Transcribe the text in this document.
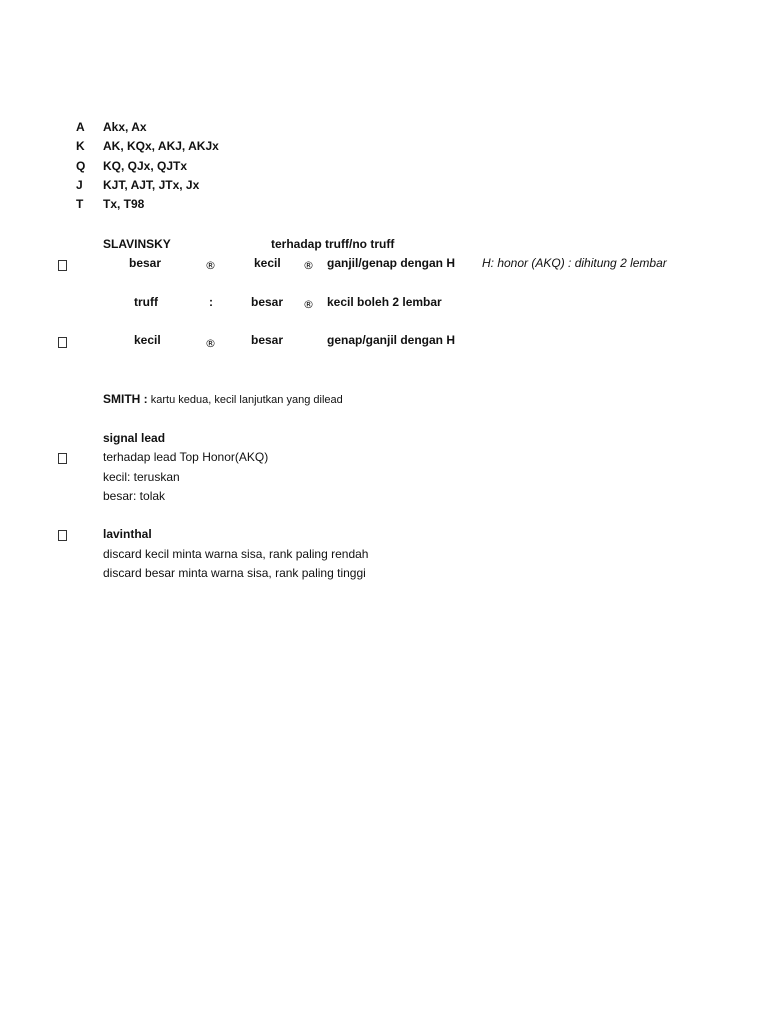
A Akx, Ax
K AK, KQx, AKJ, AKJx
Q KQ, QJx, QJTx
J KJT, AJT, JTx, Jx
T Tx, T98
SLAVINSKY	terhadap truff/no truff
besar	®	kecil ® ganjil/genap dengan H H: honor (AKQ) : dihitung 2 lembar
truff	:	besar ® kecil boleh 2 lembar
kecil	®	besar	genap/ganjil dengan H
SMITH : kartu kedua, kecil lanjutkan yang dilead
signal lead
terhadap lead Top Honor(AKQ)
kecil: teruskan
besar: tolak
lavinthal
discard kecil minta warna sisa, rank paling rendah
discard besar minta warna sisa, rank paling tinggi
